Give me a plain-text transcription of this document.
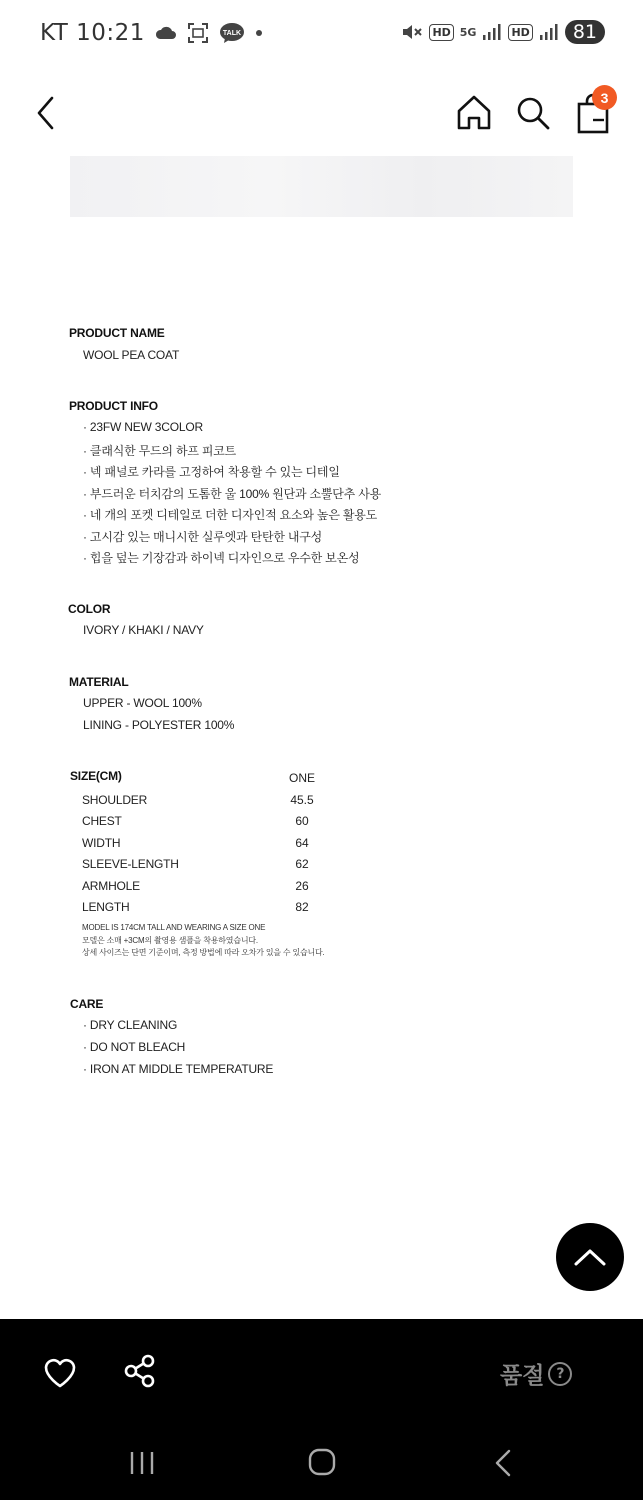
KT 10:21	TALK	HD 5G	HD	81
3
PRODUCT NAME
WOOL PEA COAT
PRODUCT INFO
· 23FW NEW 3COLOR
· 클래식한 무드의 하프 피코트
· 넥 패널로 카라를 고정하여 착용할 수 있는 디테일
· 부드러운 터치감의 도톰한 울 100% 원단과 소뿔단추 사용
· 네 개의 포켓 디테일로 더한 디자인적 요소와 높은 활용도
· 고시감 있는 매니시한 실루엣과 탄탄한 내구성
· 힙을 덮는 기장감과 하이넥 디자인으로 우수한 보온성
COLOR
IVORY / KHAKI / NAVY
MATERIAL
UPPER - WOOL 100%
LINING - POLYESTER 100%
SIZE(CM)	ONE
SHOULDER	45.5
CHEST	60
WIDTH	64
SLEEVE-LENGTH	62
ARMHOLE	26
LENGTH	82
MODEL IS 174CM TALL AND WEARING A SIZE ONE
모델은 소매 +3CM의 촬영용 샘플을 착용하였습니다.
상세 사이즈는 단면 기준이며, 측정 방법에 따라 오차가 있을 수 있습니다.
CARE
· DRY CLEANING
· DO NOT BLEACH
· IRON AT MIDDLE TEMPERATURE
품절 ?
